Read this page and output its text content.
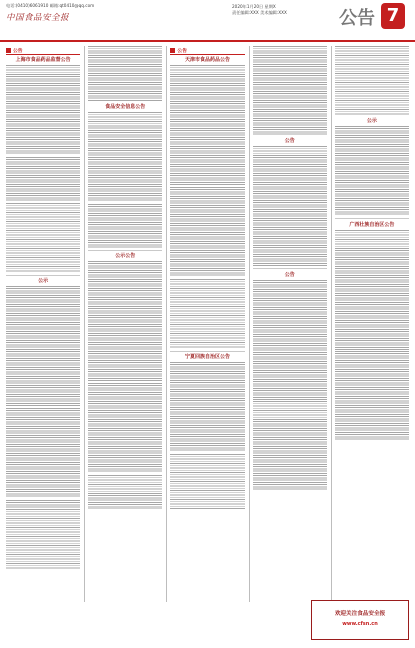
电话:(0410)6061910 邮箱:qt0410@qq.com
中国食品安全报
2020年1月20日 星期X
责任编辑:XXX 美术编辑:XXX	公告 7
公告
上海市食品药品监督公告
公示
食品安全信息公告
公示公告
公告
天津市食品药品公告
宁夏回族自治区公告
公告
公告
公示
广西壮族自治区公告
欢迎关注食品安全报
www.cfsn.cn
